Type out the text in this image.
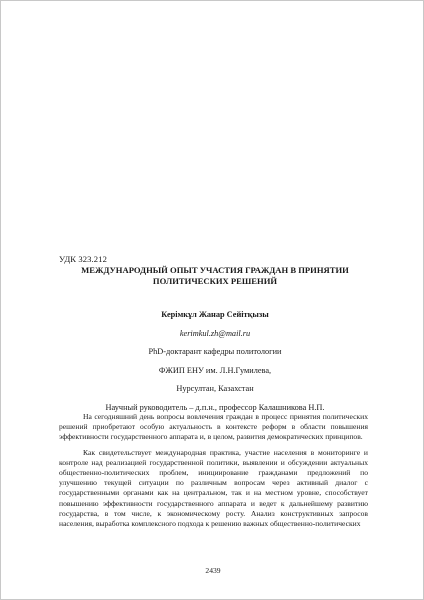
УДК 323.212
МЕЖДУНАРОДНЫЙ ОПЫТ УЧАСТИЯ ГРАЖДАН В ПРИНЯТИИ
ПОЛИТИЧЕСКИХ РЕШЕНИЙ
Керімкұл Жанар Сейітқызы
kerimkul.zh@mail.ru
PhD-доктарант кафедры политологии
ФЖИП ЕНУ им. Л.Н.Гумилева,
Нурсултан, Казахстан
Научный руководитель – д.п.н., профессор Калашникова Н.П.

На сегодняшний день вопросы вовлечения граждан в процесс принятия политических решений приобретают особую актуальность в контексте реформ в области повышения эффективности государственного аппарата и, в целом, развития демократических принципов.

Как свидетельствует международная практика, участие населения в мониторинге и контроле над реализацией государственной политики, выявлении и обсуждении актуальных общественно-политических проблем, инициирование гражданами предложений по улучшению текущей ситуации по различным вопросам через активный диалог с государственными органами как на центральном, так и на местном уровне, способствует повышению эффективности государственного аппарата и ведет к дальнейшему развитию государства, в том числе, к экономическому росту. Анализ конструктивных запросов населения, выработка комплексного подхода к решению важных общественно-политических

2439
